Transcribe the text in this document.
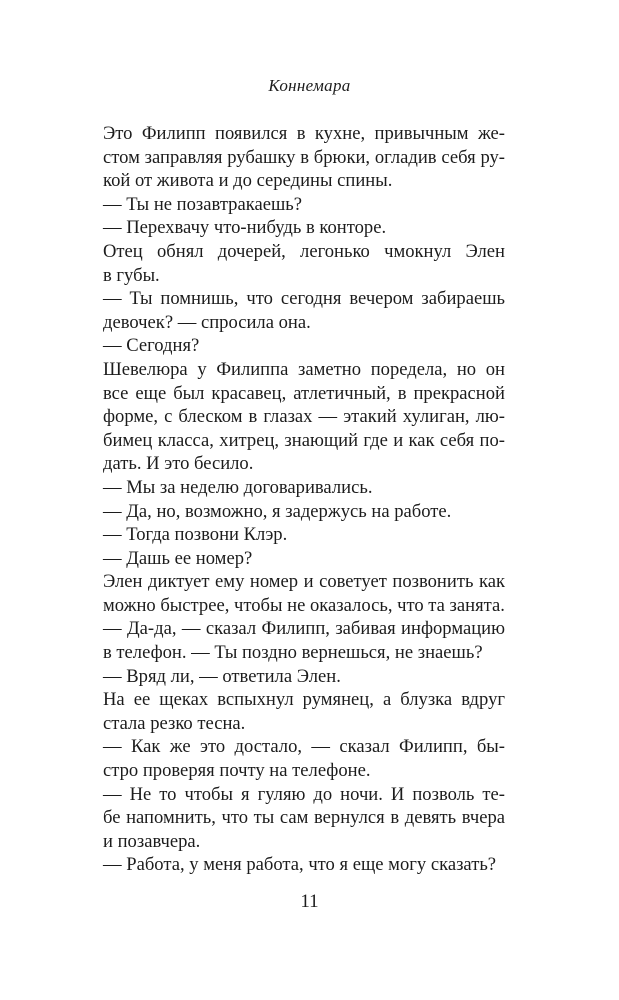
Коннемара
Это Филипп появился в кухне, привычным же-
стом заправляя рубашку в брюки, огладив себя ру-
кой от живота и до середины спины.
— Ты не позавтракаешь?
— Перехвачу что-нибудь в конторе.
Отец обнял дочерей, легонько чмокнул Элен
в губы.
— Ты помнишь, что сегодня вечером забираешь
девочек? — спросила она.
— Сегодня?
Шевелюра у Филиппа заметно поредела, но он
все еще был красавец, атлетичный, в прекрасной
форме, с блеском в глазах — этакий хулиган, лю-
бимец класса, хитрец, знающий где и как себя по-
дать. И это бесило.
— Мы за неделю договаривались.
— Да, но, возможно, я задержусь на работе.
— Тогда позвони Клэр.
— Дашь ее номер?
Элен диктует ему номер и советует позвонить как
можно быстрее, чтобы не оказалось, что та занята.
— Да-да, — сказал Филипп, забивая информацию
в телефон. — Ты поздно вернешься, не знаешь?
— Вряд ли, — ответила Элен.
На ее щеках вспыхнул румянец, а блузка вдруг
стала резко тесна.
— Как же это достало, — сказал Филипп, бы-
стро проверяя почту на телефоне.
— Не то чтобы я гуляю до ночи. И позволь те-
бе напомнить, что ты сам вернулся в девять вчера
и позавчера.
— Работа, у меня работа, что я еще могу сказать?
11
